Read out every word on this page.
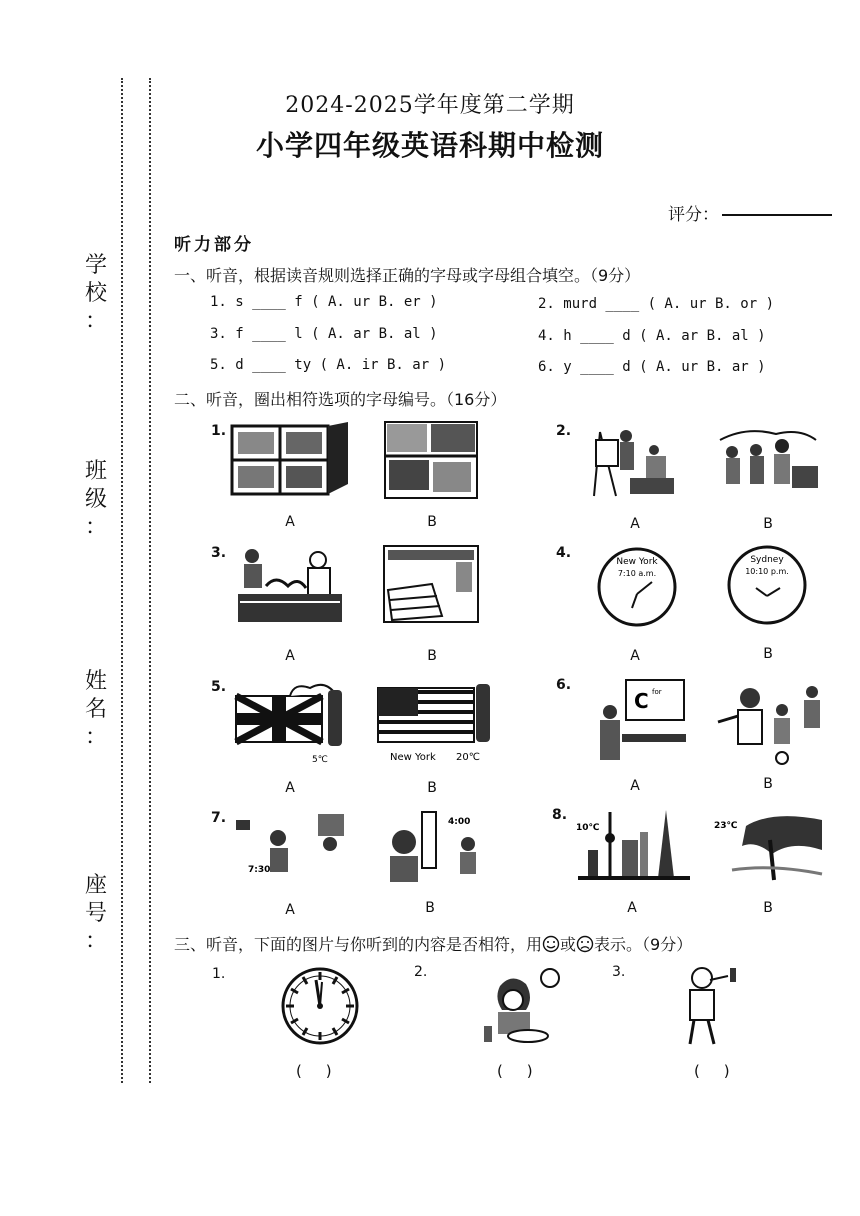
学
校
：
班
级
：
姓
名
：
座
号
：
2024-2025学年度第二学期
小学四年级英语科期中检测
评分：
听力部分
一、听音，根据读音规则选择正确的字母或字母组合填空。（9分）
1. s ____ f ( A. ur B. er )	2. murd ____ ( A. ur B. or )
3. f ____ l ( A. ar B. al )	4. h ____ d ( A. ar B. al )
5. d ____ ty ( A. ir B. ar )	6. y ____ d ( A. ur B. ar )
二、听音，圈出相符选项的字母编号。（16分）
1.
A	B
2.
A	B
3.
A	B
4.
New York
7:10 a.m.
Sydney
10:10 p.m.
A	B
5.
5℃	New York 20℃
A	B
6.
C for
A	B
7.
7:30
4:00
A	B
8.
10℃	23℃
A	B
三、听音，下面的图片与你听到的内容是否相符，用 或 表示。（9分）
1.
(     )
2.
(     )
3.
(     )
